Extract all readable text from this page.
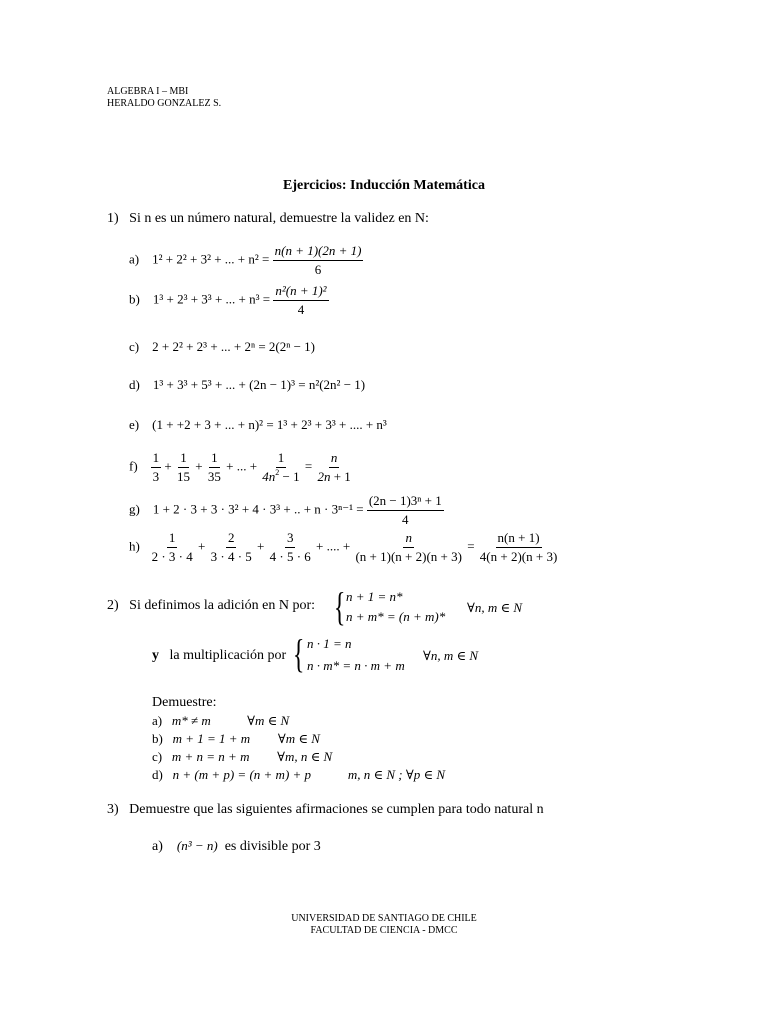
ALGEBRA I – MBI
HERALDO GONZALEZ S.
Ejercicios: Inducción Matemática
1) Si n es un número natural, demuestre la validez en N:
a) 1² + 2² + 3² + ... + $n^2 = \frac{n(n + 1)(2n + 1)}{6}$
b) 1³ + 2³ + 3³ + ... + $n^3 = \frac{\text{n²(n + 1)²}}{4}$
c) 2 + 2² + 2³ + ... + 2ⁿ = 2(2ⁿ − 1)
d) 1³ + 3³ + 5³ + ... + (2n − 1)³ = n²(2n² − 1)
e) (1 + +2 + 3 + ... + n)² = 1³ + 2³ + 3³ + .... + n³
$f) \frac{1}{3} + \frac{1}{15} + \frac{1}{35}$ + ... + $\frac{1}{4n^2 - 1} = \frac{n}{2n + 1}$
g) 1 + 2 · 3 + 3 · 3² + 4 · 3³ + .. + $n \cdot 3^{n-1} = \frac{\text{(2n − 1)3ⁿ + 1}}{4}$
$h) \frac{1}{2 \cdot 3 \cdot 4} + \frac{2}{3 \cdot 4 \cdot 5} + \frac{3}{4 \cdot 5 \cdot 6}$ + .... + $\frac{n}{(n + 1)(n + 2)(n + 3)} = \frac{n(n + 1)}{4(n + 2)(n + 3)}$
2) Si definimos la adición en N por: { n + 1 = n*
n + m* = (n + m)*
∀n, m ∈ N
y la multiplicación por { n · 1 = n
n · m* = n · m + m
∀n, m ∈ N
Demuestre:
a) m* ≠ m	∀m ∈ N
b) m + 1 = 1 + m ∀m ∈ N
c) m + n = n + m ∀m, n ∈ N
d) n + (m + p) = (n + m) + p	m, n ∈ N ; ∀p ∈ N
3) Demuestre que las siguientes afirmaciones se cumplen para todo natural n
a) (n³ − n) es divisible por 3
UNIVERSIDAD DE SANTIAGO DE CHILE
FACULTAD DE CIENCIA - DMCC
